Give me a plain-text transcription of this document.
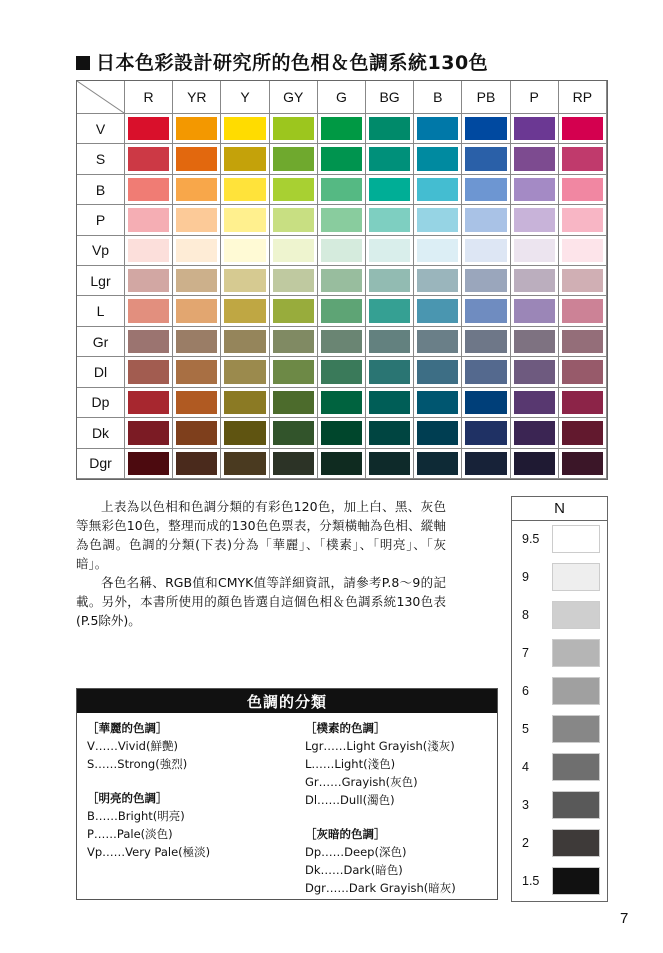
日本色彩設計研究所的色相＆色調系統130色
R	YR	Y	GY	G	BG	B	PB	P	RP
V
S
B
P
Vp
Lgr
L
Gr
Dl
Dp
Dk
Dgr

上表為以色相和色調分類的有彩色120色，加上白、黑、灰色等無彩色10色，整理而成的130色色票表，分類橫軸為色相、縱軸為色調。色調的分類(下表)分為「華麗」、「樸素」、「明亮」、「灰暗」。

各色名稱、RGB值和CMYK值等詳細資訊，請參考P.8～9的記載。另外，本書所使用的顏色皆選自這個色相＆色調系統130色表(P.5除外)。

N
9.5
9
8
7
6
5
4
3
2
1.5
色調的分類
［華麗的色調］
V……Vivid(鮮艷)
S……Strong(強烈)
［明亮的色調］
B……Bright(明亮)
P……Pale(淡色)
Vp……Very Pale(極淡)
［樸素的色調］
Lgr……Light Grayish(淺灰)
L……Light(淺色)
Gr……Grayish(灰色)
Dl……Dull(濁色)
［灰暗的色調］
Dp……Deep(深色)
Dk……Dark(暗色)
Dgr……Dark Grayish(暗灰)
7
